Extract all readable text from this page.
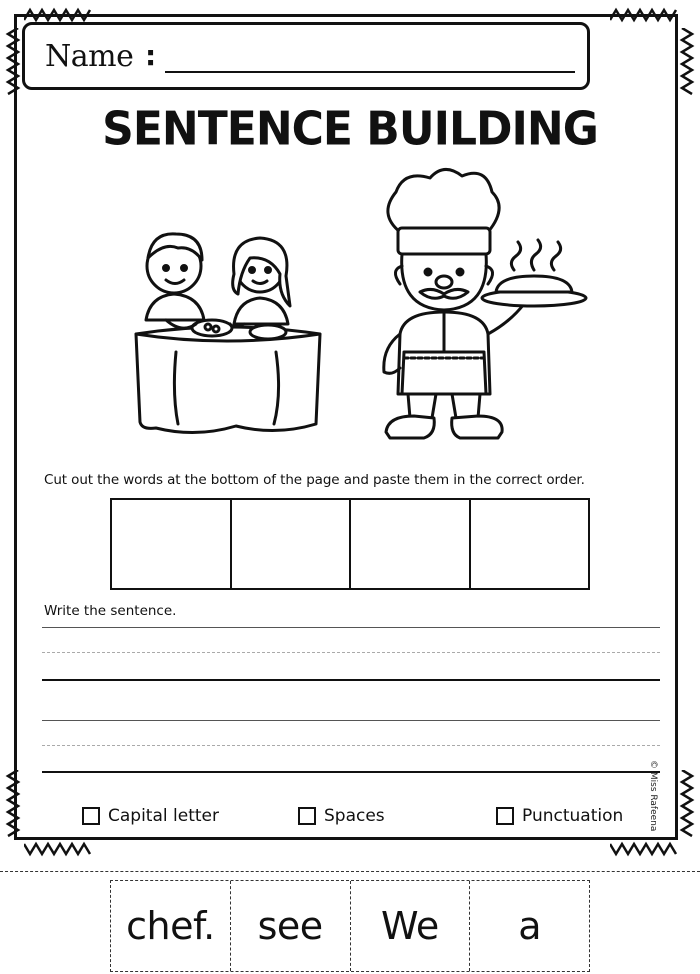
Name :
SENTENCE BUILDING
Cut out the words at the bottom of the page and paste them in the correct order.
Write the sentence.
© Miss Rafeena
Capital letter	Spaces	Punctuation
chef.	see	We	a
